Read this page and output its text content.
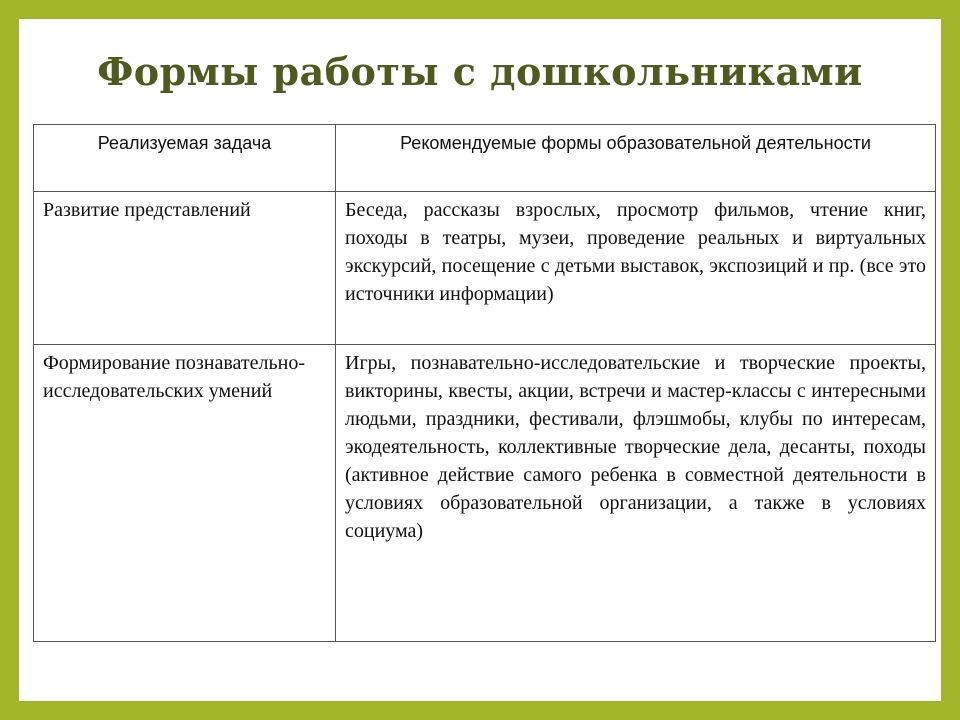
Формы работы с дошкольниками
Реализуемая задача	Рекомендуемые формы образовательной деятельности
Развитие представлений	Беседа, рассказы взрослых, просмотр фильмов, чтение книг, походы в театры, музеи, проведение реальных и виртуальных экскурсий, посещение с детьми выставок, экспозиций и пр. (все это источники информации)
Формирование познавательно-исследовательских умений	Игры, познавательно-исследовательские и творческие проекты, викторины, квесты, акции, встречи и мастер-классы с интересными людьми, праздники, фестивали, флэшмобы, клубы по интересам, экодеятельность, коллективные творческие дела, десанты, походы (активное действие самого ребенка в совместной деятельности в условиях образовательной организации, а также в условиях социума)
